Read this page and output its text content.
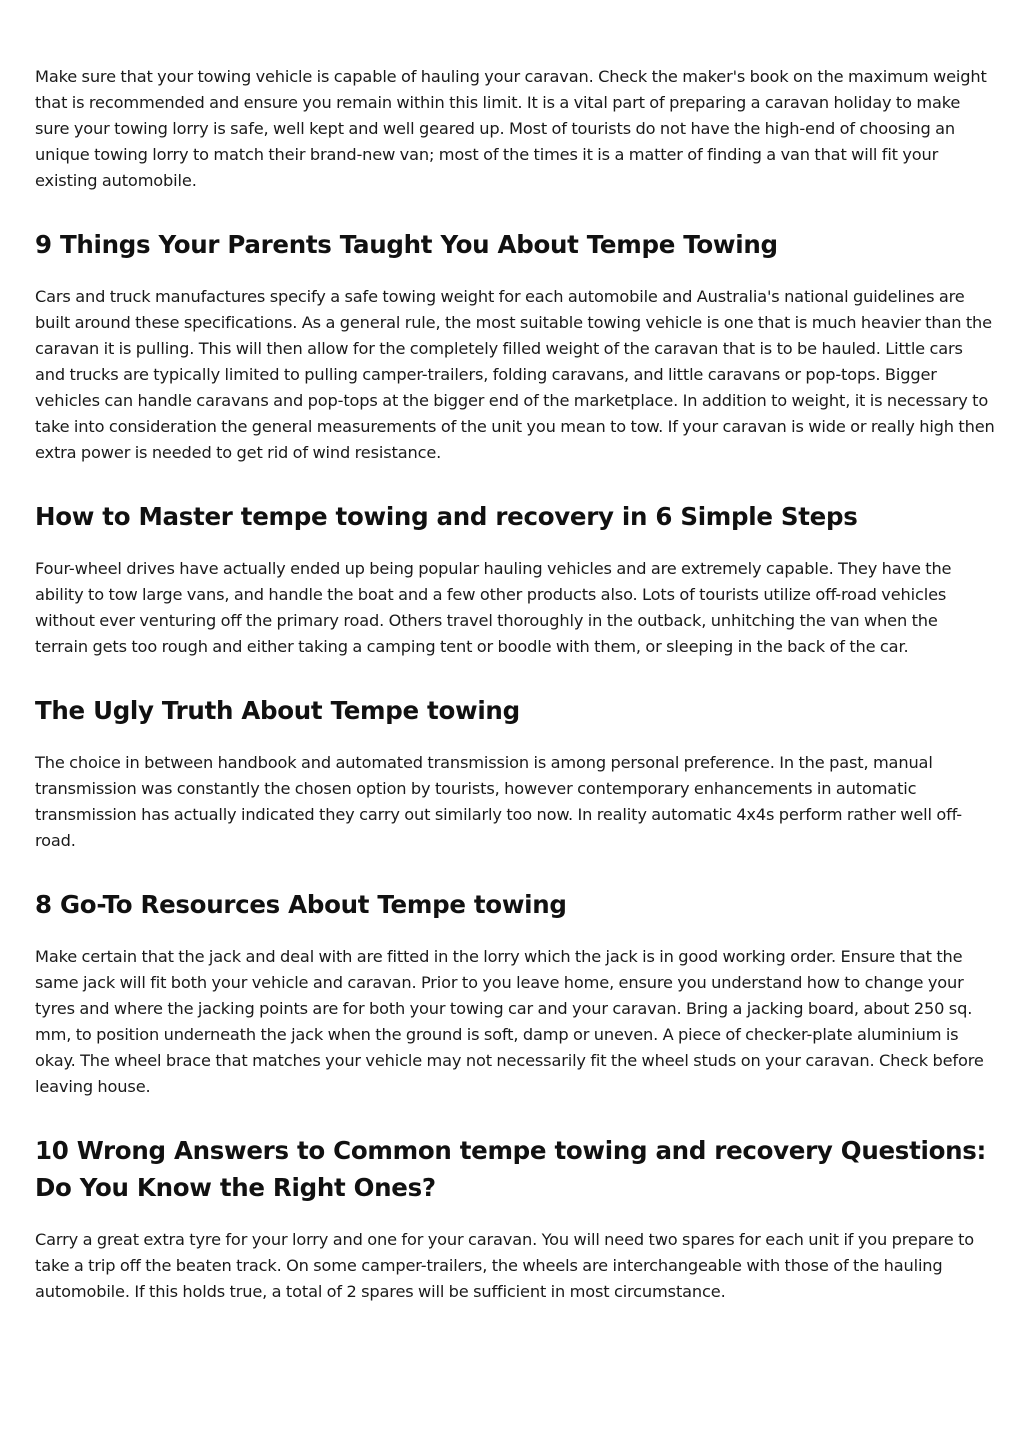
Make sure that your towing vehicle is capable of hauling your caravan. Check the maker's book on the maximum weight that is recommended and ensure you remain within this limit. It is a vital part of preparing a caravan holiday to make sure your towing lorry is safe, well kept and well geared up. Most of tourists do not have the high-end of choosing an unique towing lorry to match their brand-new van; most of the times it is a matter of finding a van that will fit your existing automobile.

9 Things Your Parents Taught You About Tempe Towing

Cars and truck manufactures specify a safe towing weight for each automobile and Australia's national guidelines are built around these specifications. As a general rule, the most suitable towing vehicle is one that is much heavier than the caravan it is pulling. This will then allow for the completely filled weight of the caravan that is to be hauled. Little cars and trucks are typically limited to pulling camper-trailers, folding caravans, and little caravans or pop-tops. Bigger vehicles can handle caravans and pop-tops at the bigger end of the marketplace. In addition to weight, it is necessary to take into consideration the general measurements of the unit you mean to tow. If your caravan is wide or really high then extra power is needed to get rid of wind resistance.

How to Master tempe towing and recovery in 6 Simple Steps

Four-wheel drives have actually ended up being popular hauling vehicles and are extremely capable. They have the ability to tow large vans, and handle the boat and a few other products also. Lots of tourists utilize off-road vehicles without ever venturing off the primary road. Others travel thoroughly in the outback, unhitching the van when the terrain gets too rough and either taking a camping tent or boodle with them, or sleeping in the back of the car.

The Ugly Truth About Tempe towing

The choice in between handbook and automated transmission is among personal preference. In the past, manual transmission was constantly the chosen option by tourists, however contemporary enhancements in automatic transmission has actually indicated they carry out similarly too now. In reality automatic 4x4s perform rather well off-road.

8 Go-To Resources About Tempe towing

Make certain that the jack and deal with are fitted in the lorry which the jack is in good working order. Ensure that the same jack will fit both your vehicle and caravan. Prior to you leave home, ensure you understand how to change your tyres and where the jacking points are for both your towing car and your caravan. Bring a jacking board, about 250 sq. mm, to position underneath the jack when the ground is soft, damp or uneven. A piece of checker-plate aluminium is okay. The wheel brace that matches your vehicle may not necessarily fit the wheel studs on your caravan. Check before leaving house.

10 Wrong Answers to Common tempe towing and recovery Questions: Do You Know the Right Ones?

Carry a great extra tyre for your lorry and one for your caravan. You will need two spares for each unit if you prepare to take a trip off the beaten track. On some camper-trailers, the wheels are interchangeable with those of the hauling automobile. If this holds true, a total of 2 spares will be sufficient in most circumstance.
